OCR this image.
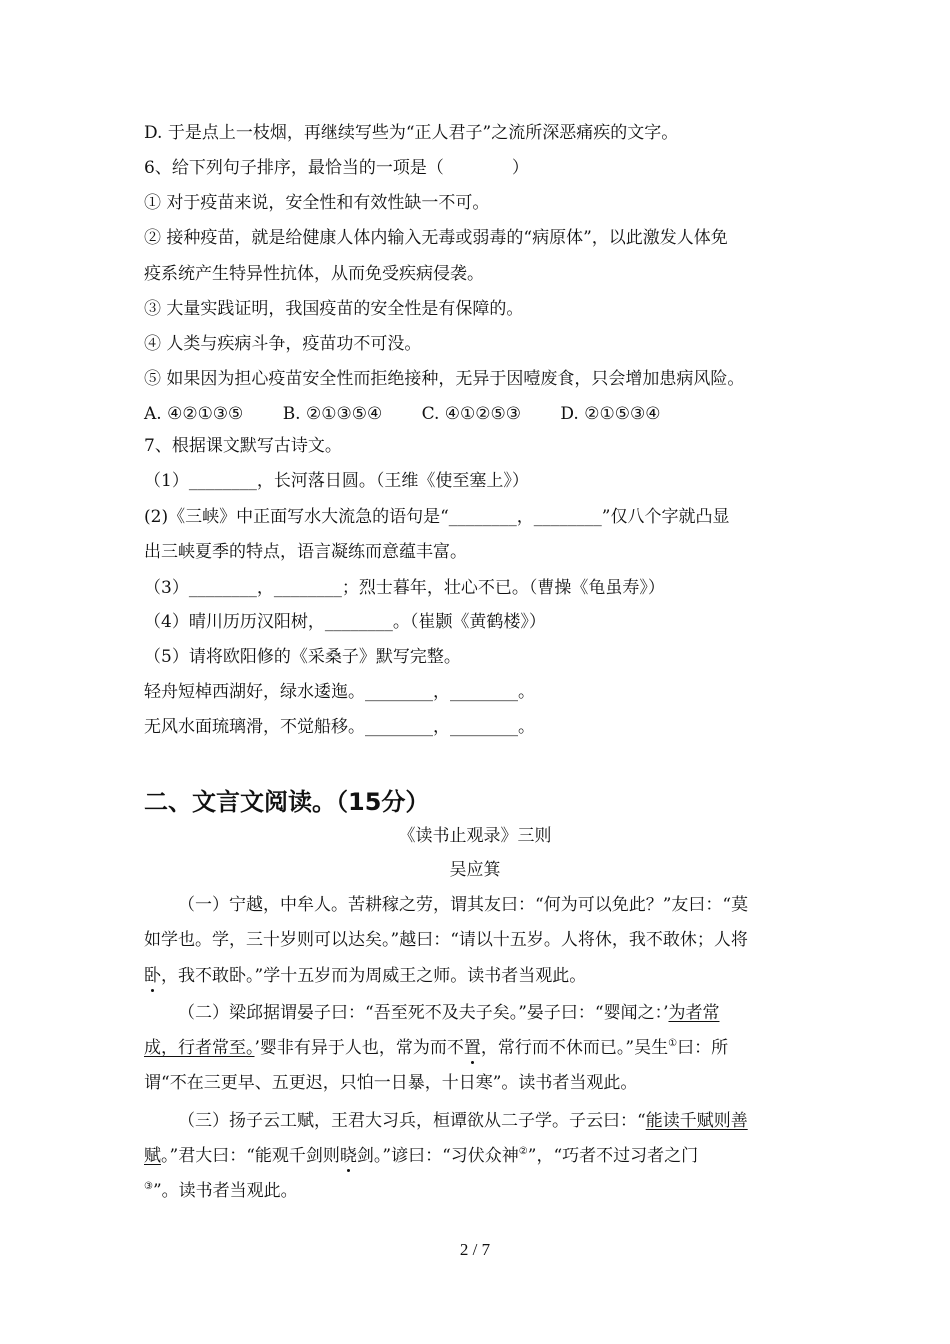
D. 于是点上一枝烟，再继续写些为“正人君子”之流所深恶痛疾的文字。
6、给下列句子排序，最恰当的一项是（　　　　）
① 对于疫苗来说，安全性和有效性缺一不可。
② 接种疫苗，就是给健康人体内输入无毒或弱毒的“病原体”，以此激发人体免
疫系统产生特异性抗体，从而免受疾病侵袭。
③ 大量实践证明，我国疫苗的安全性是有保障的。
④ 人类与疾病斗争，疫苗功不可没。
⑤ 如果因为担心疫苗安全性而拒绝接种，无异于因噎废食，只会增加患病风险。
A. ④②①③⑤　　 B. ②①③⑤④　　 C. ④①②⑤③　　 D. ②①⑤③④
7、根据课文默写古诗文。
（1）________，长河落日圆。（王维《使至塞上》）
(2)《三峡》中正面写水大流急的语句是“________，________”仅八个字就凸显
出三峡夏季的特点，语言凝练而意蕴丰富。
（3）________，________；烈士暮年，壮心不已。（曹操《龟虽寿》）
（4）晴川历历汉阳树，________。（崔颢《黄鹤楼》）
（5）请将欧阳修的《采桑子》默写完整。
轻舟短棹西湖好，绿水逶迤。________，________。
无风水面琉璃滑，不觉船移。________，________。
二、文言文阅读。（15分）
《读书止观录》三则
吴应箕
（一）宁越，中牟人。苦耕稼之劳，谓其友曰：“何为可以免此？”友曰：“莫
如学也。学，三十岁则可以达矣。”越曰：“请以十五岁。人将休，我不敢休；人将
卧，我不敢卧。”学十五岁而为周威王之师。读书者当观此。
（二）梁邱据谓晏子曰：“吾至死不及夫子矣。”晏子曰：“婴闻之：’为者常
成，行者常至。’婴非有异于人也，常为而不置，常行而不休而已。”吴生①曰：所
谓“不在三更早、五更迟，只怕一日暴，十日寒”。读书者当观此。
（三）扬子云工赋，王君大习兵，桓谭欲从二子学。子云曰：“能读千赋则善
赋。”君大曰：“能观千剑则晓剑。”谚曰：“习伏众神②”，“巧者不过习者之门
③”。读书者当观此。
2 / 7
